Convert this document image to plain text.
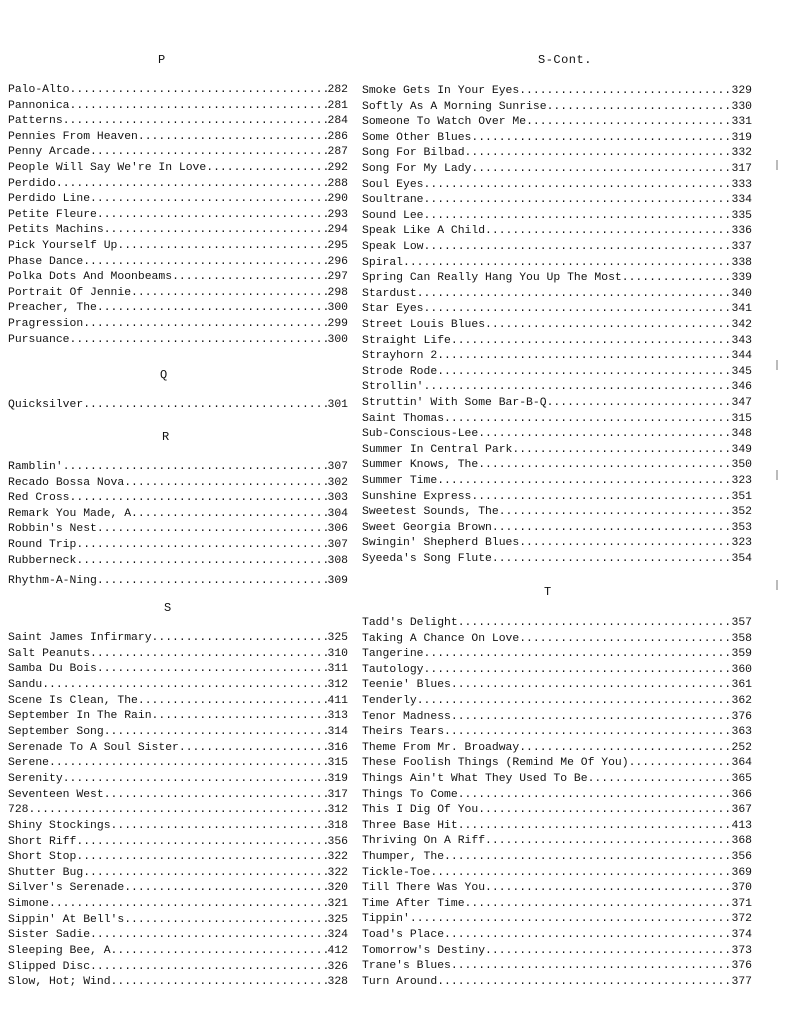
P
Palo-Alto .....	282
Pannonica .....	281
Patterns .....	284
Pennies From Heaven .....	286
Penny Arcade .....	287
People Will Say We're In Love .....	292
Perdido .....	288
Perdido Line .....	290
Petite Fleure .....	293
Petits Machins .....	294
Pick Yourself Up .....	295
Phase Dance .....	296
Polka Dots And Moonbeams .....	297
Portrait Of Jennie .....	298
Preacher, The .....	300
Pragression .....	299
Pursuance .....	300
Q
Quicksilver .....	301
R
Ramblin' .....	307
Recado Bossa Nova .....	302
Red Cross .....	303
Remark You Made, A .....	304
Robbin's Nest .....	306
Round Trip .....	307
Rubberneck .....	308
Rhythm-A-Ning .....	309
S
Saint James Infirmary .....	325
Salt Peanuts .....	310
Samba Du Bois .....	311
Sandu .....	312
Scene Is Clean, The .....	411
September In The Rain .....	313
September Song .....	314
Serenade To A Soul Sister .....	316
Serene .....	315
Serenity .....	319
Seventeen West .....	317
728 .....	312
Shiny Stockings .....	318
Short Riff .....	356
Short Stop .....	322
Shutter Bug .....	322
Silver's Serenade .....	320
Simone .....	321
Sippin' At Bell's .....	325
Sister Sadie .....	324
Sleeping Bee, A .....	412
Slipped Disc .....	326
Slow, Hot; Wind .....	328
S-Cont.
Smoke Gets In Your Eyes .....	329
Softly As A Morning Sunrise .....	330
Someone To Watch Over Me .....	331
Some Other Blues .....	319
Song For Bilbad .....	332
Song For My Lady .....	317
Soul Eyes .....	333
Soultrane .....	334
Sound Lee .....	335
Speak Like A Child .....	336
Speak Low .....	337
Spiral .....	338
Spring Can Really Hang You Up The Most .....	339
Stardust .....	340
Star Eyes .....	341
Street Louis Blues .....	342
Straight Life .....	343
Strayhorn 2 .....	344
Strode Rode .....	345
Strollin' .....	346
Struttin' With Some Bar-B-Q .....	347
Saint Thomas .....	315
Sub-Conscious-Lee .....	348
Summer In Central Park .....	349
Summer Knows, The .....	350
Summer Time .....	323
Sunshine Express .....	351
Sweetest Sounds, The .....	352
Sweet Georgia Brown .....	353
Swingin' Shepherd Blues .....	323
Syeeda's Song Flute .....	354
T
Tadd's Delight .....	357
Taking A Chance On Love .....	358
Tangerine .....	359
Tautology .....	360
Teenie' Blues .....	361
Tenderly .....	362
Tenor Madness .....	376
Theirs Tears .....	363
Theme From Mr. Broadway .....	252
These Foolish Things (Remind Me Of You) .....	364
Things Ain't What They Used To Be .....	365
Things To Come .....	366
This I Dig Of You .....	367
Three Base Hit .....	413
Thriving On A Riff .....	368
Thumper, The .....	356
Tickle-Toe .....	369
Till There Was You .....	370
Time After Time .....	371
Tippin' .....	372
Toad's Place .....	374
Tomorrow's Destiny .....	373
Trane's Blues .....	376
Turn Around .....	377
